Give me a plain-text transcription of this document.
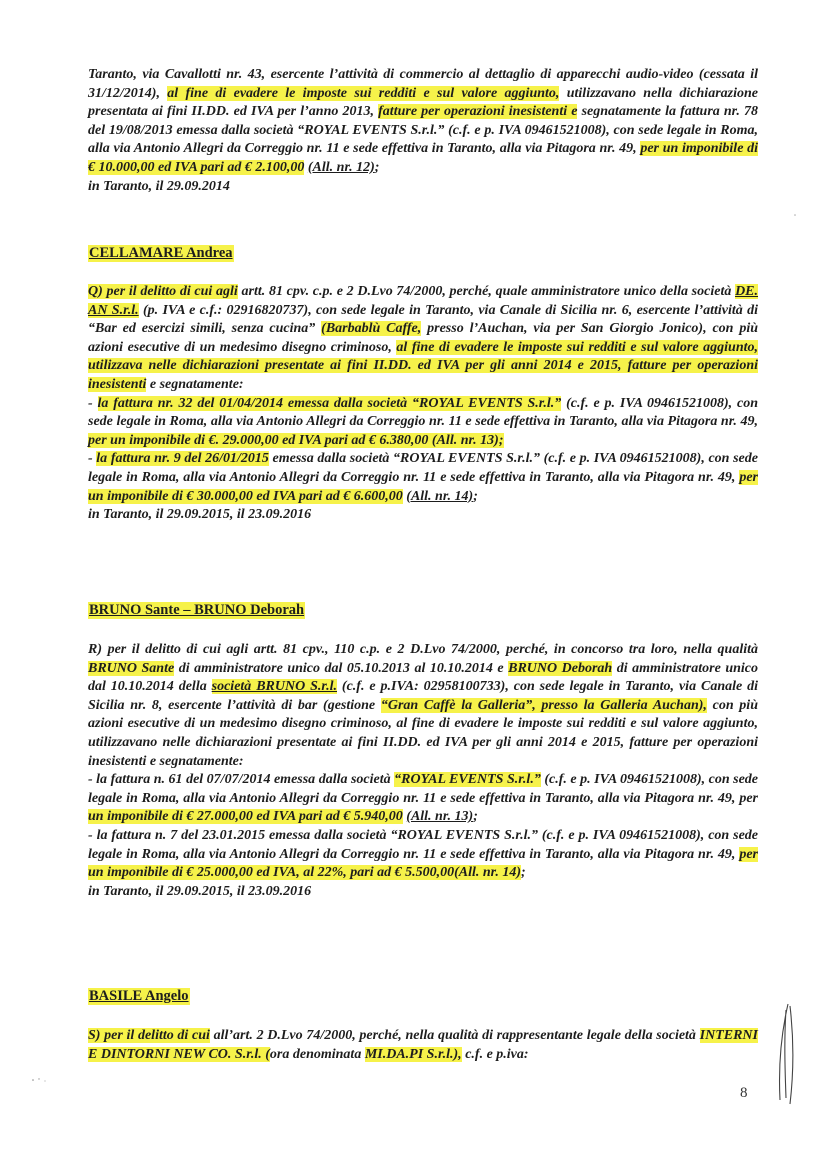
Taranto, via Cavallotti nr. 43, esercente l’attività di commercio al dettaglio di apparecchi audio-video (cessata il 31/12/2014), al fine di evadere le imposte sui redditi e sul valore aggiunto, utilizzavano nella dichiarazione presentata ai fini II.DD. ed IVA per l’anno 2013, fatture per operazioni inesistenti e segnatamente la fattura nr. 78 del 19/08/2013 emessa dalla società “ROYAL EVENTS S.r.l.” (c.f. e p. IVA 09461521008), con sede legale in Roma, alla via Antonio Allegri da Correggio nr. 11 e sede effettiva in Taranto, alla via Pitagora nr. 49, per un imponibile di € 10.000,00 ed IVA pari ad € 2.100,00 (All. nr. 12);

in Taranto, il 29.09.2014

CELLAMARE Andrea

Q) per il delitto di cui agli artt. 81 cpv. c.p. e 2 D.Lvo 74/2000, perché, quale amministratore unico della società DE. AN S.r.l. (p. IVA e c.f.: 02916820737), con sede legale in Taranto, via Canale di Sicilia nr. 6, esercente l’attività di “Bar ed esercizi simili, senza cucina” (Barbablù Caffe, presso l’Auchan, via per San Giorgio Jonico), con più azioni esecutive di un medesimo disegno criminoso, al fine di evadere le imposte sui redditi e sul valore aggiunto, utilizzava nelle dichiarazioni presentate ai fini II.DD. ed IVA per gli anni 2014 e 2015, fatture per operazioni inesistenti e segnatamente:

- la fattura nr. 32 del 01/04/2014 emessa dalla società “ROYAL EVENTS S.r.l.” (c.f. e p. IVA 09461521008), con sede legale in Roma, alla via Antonio Allegri da Correggio nr. 11 e sede effettiva in Taranto, alla via Pitagora nr. 49, per un imponibile di €. 29.000,00 ed IVA pari ad € 6.380,00 (All. nr. 13);

- la fattura nr. 9 del 26/01/2015 emessa dalla società “ROYAL EVENTS S.r.l.” (c.f. e p. IVA 09461521008), con sede legale in Roma, alla via Antonio Allegri da Correggio nr. 11 e sede effettiva in Taranto, alla via Pitagora nr. 49, per un imponibile di € 30.000,00 ed IVA pari ad € 6.600,00 (All. nr. 14);

in Taranto, il 29.09.2015, il 23.09.2016

BRUNO Sante – BRUNO Deborah

R) per il delitto di cui agli artt. 81 cpv., 110 c.p. e 2 D.Lvo 74/2000, perché, in concorso tra loro, nella qualità BRUNO Sante di amministratore unico dal 05.10.2013 al 10.10.2014 e BRUNO Deborah di amministratore unico dal 10.10.2014 della società BRUNO S.r.l. (c.f. e p.IVA: 02958100733), con sede legale in Taranto, via Canale di Sicilia nr. 8, esercente l’attività di bar (gestione “Gran Caffè la Galleria”, presso la Galleria Auchan), con più azioni esecutive di un medesimo disegno criminoso, al fine di evadere le imposte sui redditi e sul valore aggiunto, utilizzavano nelle dichiarazioni presentate ai fini II.DD. ed IVA per gli anni 2014 e 2015, fatture per operazioni inesistenti e segnatamente:

- la fattura n. 61 del 07/07/2014 emessa dalla società “ROYAL EVENTS S.r.l.” (c.f. e p. IVA 09461521008), con sede legale in Roma, alla via Antonio Allegri da Correggio nr. 11 e sede effettiva in Taranto, alla via Pitagora nr. 49, per un imponibile di € 27.000,00 ed IVA pari ad € 5.940,00 (All. nr. 13);

- la fattura n. 7 del 23.01.2015 emessa dalla società “ROYAL EVENTS S.r.l.” (c.f. e p. IVA 09461521008), con sede legale in Roma, alla via Antonio Allegri da Correggio nr. 11 e sede effettiva in Taranto, alla via Pitagora nr. 49, per un imponibile di € 25.000,00 ed IVA, al 22%, pari ad € 5.500,00(All. nr. 14);

in Taranto, il 29.09.2015, il 23.09.2016

BASILE Angelo

S) per il delitto di cui all’art. 2 D.Lvo 74/2000, perché, nella qualità di rappresentante legale della società INTERNI E DINTORNI NEW CO. S.r.l. (ora denominata MI.DA.PI S.r.l.), c.f. e p.iva:

8
